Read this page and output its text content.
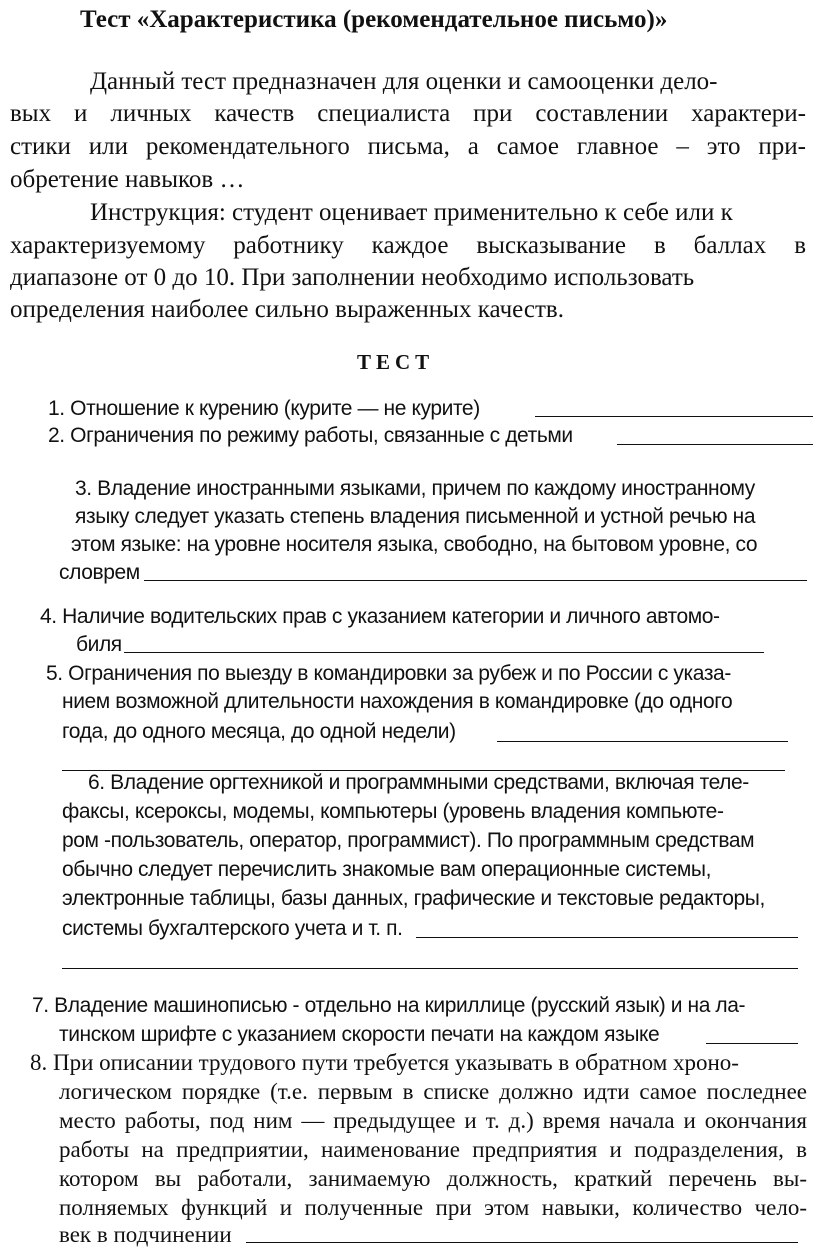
Тест «Характеристика (рекомендательное письмо)»
Данный тест предназначен для оценки и самооценки дело-
вых и личных качеств специалиста при составлении характери-
стики или рекомендательного письма, а самое главное – это при-
обретение навыков …
Инструкция: студент оценивает применительно к себе или к
характеризуемому работнику каждое высказывание в баллах в
диапазоне от 0 до 10. При заполнении необходимо использовать
определения наиболее сильно выраженных качеств.
ТЕСТ
1. Отношение к курению (курите — не курите)
2. Ограничения по режиму работы, связанные с детьми
3. Владение иностранными языками, причем по каждому иностранному
языку следует указать степень владения письменной и устной речью на
этом языке: на уровне носителя языка, свободно, на бытовом уровне, со
словрем
4. Наличие водительских прав с указанием категории и личного автомо-
биля
5. Ограничения по выезду в командировки за рубеж и по России с указа-
нием возможной длительности нахождения в командировке (до одного
года, до одного месяца, до одной недели)
6. Владение оргтехникой и программными средствами, включая теле-
факсы, ксероксы, модемы, компьютеры (уровень владения компьюте-
ром -пользователь, оператор, программист). По программным средствам
обычно следует перечислить знакомые вам операционные системы,
электронные таблицы, базы данных, графические и текстовые редакторы,
системы бухгалтерского учета и т. п.
7. Владение машинописью - отдельно на кириллице (русский язык) и на ла-
тинском шрифте с указанием скорости печати на каждом языке
8. При описании трудового пути требуется указывать в обратном хроно-
логическом порядке (т.е. первым в списке должно идти самое последнее
место работы, под ним — предыдущее и т. д.) время начала и окончания
работы на предприятии, наименование предприятия и подразделения, в
котором вы работали, занимаемую должность, краткий перечень вы-
полняемых функций и полученные при этом навыки, количество чело-
век в подчинении
